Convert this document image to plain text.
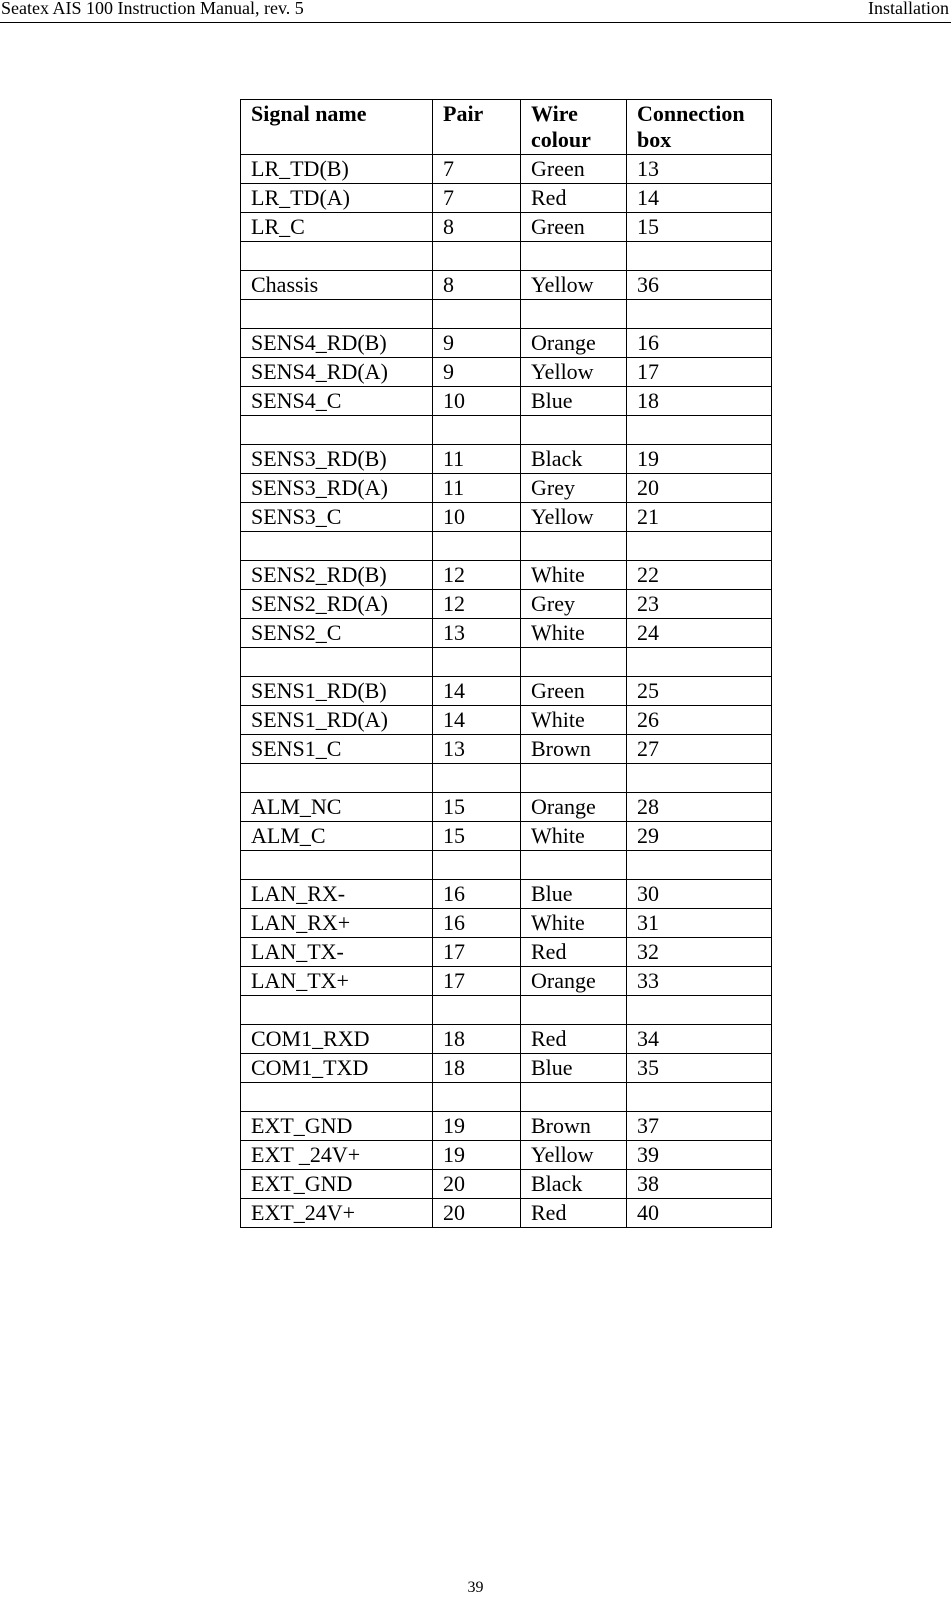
Seatex AIS 100 Instruction Manual, rev. 5	Installation
Signal name	Pair	Wire colour	Connection box
LR_TD(B)	7	Green	13
LR_TD(A)	7	Red	14
LR_C	8	Green	15

Chassis	8	Yellow	36

SENS4_RD(B)	9	Orange	16
SENS4_RD(A)	9	Yellow	17
SENS4_C	10	Blue	18

SENS3_RD(B)	11	Black	19
SENS3_RD(A)	11	Grey	20
SENS3_C	10	Yellow	21

SENS2_RD(B)	12	White	22
SENS2_RD(A)	12	Grey	23
SENS2_C	13	White	24

SENS1_RD(B)	14	Green	25
SENS1_RD(A)	14	White	26
SENS1_C	13	Brown	27

ALM_NC	15	Orange	28
ALM_C	15	White	29

LAN_RX-	16	Blue	30
LAN_RX+	16	White	31
LAN_TX-	17	Red	32
LAN_TX+	17	Orange	33

COM1_RXD	18	Red	34
COM1_TXD	18	Blue	35

EXT_GND	19	Brown	37
EXT _24V+	19	Yellow	39
EXT_GND	20	Black	38
EXT_24V+	20	Red	40
39
